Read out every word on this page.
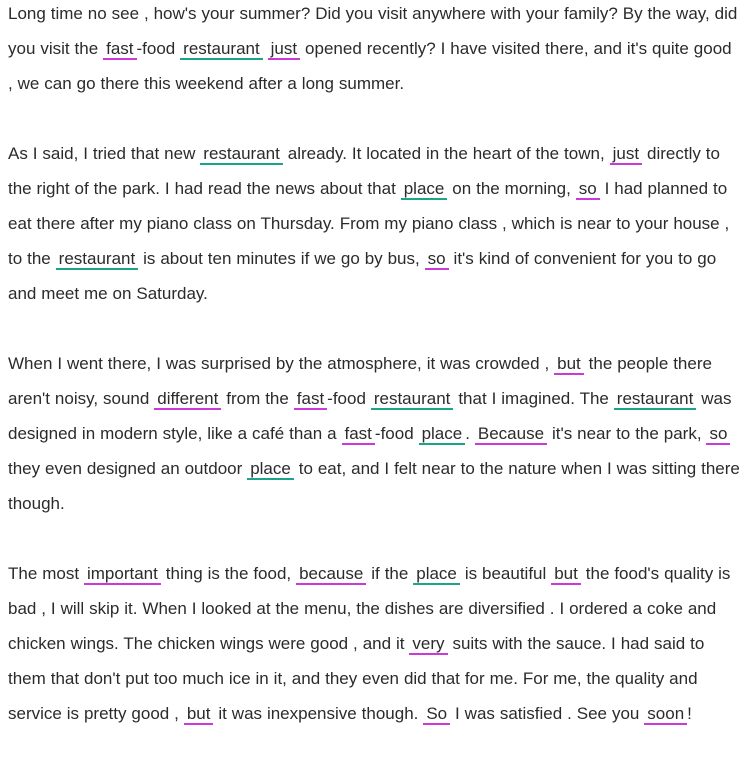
Long time no see , how's your summer? Did you visit anywhere with your family? By the way, did you visit the fast -food restaurant just opened recently? I have visited there, and it's quite good , we can go there this weekend after a long summer.

As I said, I tried that new restaurant already. It located in the heart of the town, just directly to the right of the park. I had read the news about that place on the morning, so I had planned to eat there after my piano class on Thursday. From my piano class , which is near to your house , to the restaurant is about ten minutes if we go by bus, so it's kind of convenient for you to go and meet me on Saturday.

When I went there, I was surprised by the atmosphere, it was crowded , but the people there aren't noisy, sound different from the fast -food restaurant that I imagined. The restaurant was designed in modern style, like a café than a fast -food place . Because it's near to the park, so they even designed an outdoor place to eat, and I felt near to the nature when I was sitting there though.

The most important thing is the food, because if the place is beautiful but the food's quality is bad , I will skip it. When I looked at the menu, the dishes are diversified . I ordered a coke and chicken wings. The chicken wings were good , and it very suits with the sauce. I had said to them that don't put too much ice in it, and they even did that for me. For me, the quality and service is pretty good , but it was inexpensive though. So I was satisfied . See you soon !
